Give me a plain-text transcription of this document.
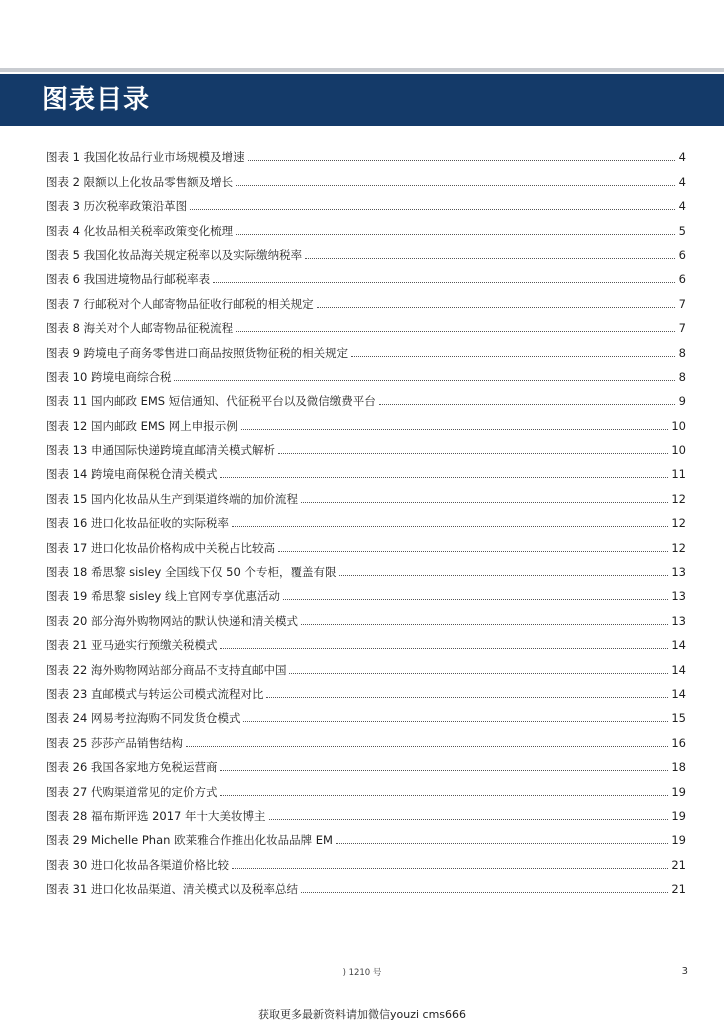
图表目录
图表 1 我国化妆品行业市场规模及增速	4
图表 2 限额以上化妆品零售额及增长	4
图表 3 历次税率政策沿革图	4
图表 4 化妆品相关税率政策变化梳理	5
图表 5 我国化妆品海关规定税率以及实际缴纳税率	6
图表 6 我国进境物品行邮税率表	6
图表 7 行邮税对个人邮寄物品征收行邮税的相关规定	7
图表 8 海关对个人邮寄物品征税流程	7
图表 9 跨境电子商务零售进口商品按照货物征税的相关规定	8
图表 10 跨境电商综合税	8
图表 11 国内邮政 EMS 短信通知、代征税平台以及微信缴费平台	9
图表 12 国内邮政 EMS 网上申报示例	10
图表 13 申通国际快递跨境直邮清关模式解析	10
图表 14 跨境电商保税仓清关模式	11
图表 15 国内化妆品从生产到渠道终端的加价流程	12
图表 16 进口化妆品征收的实际税率	12
图表 17 进口化妆品价格构成中关税占比较高	12
图表 18 希思黎 sisley 全国线下仅 50 个专柜，覆盖有限	13
图表 19 希思黎 sisley 线上官网专享优惠活动	13
图表 20 部分海外购物网站的默认快递和清关模式	13
图表 21 亚马逊实行预缴关税模式	14
图表 22 海外购物网站部分商品不支持直邮中国	14
图表 23 直邮模式与转运公司模式流程对比	14
图表 24 网易考拉海购不同发货仓模式	15
图表 25 莎莎产品销售结构	16
图表 26 我国各家地方免税运营商	18
图表 27 代购渠道常见的定价方式	19
图表 28 福布斯评选 2017 年十大美妆博主	19
图表 29 Michelle Phan 欧莱雅合作推出化妆品品牌 EM	19
图表 30 进口化妆品各渠道价格比较	21
图表 31 进口化妆品渠道、清关模式以及税率总结	21
) 1210 号	3
获取更多最新资料请加微信youzi cms666
